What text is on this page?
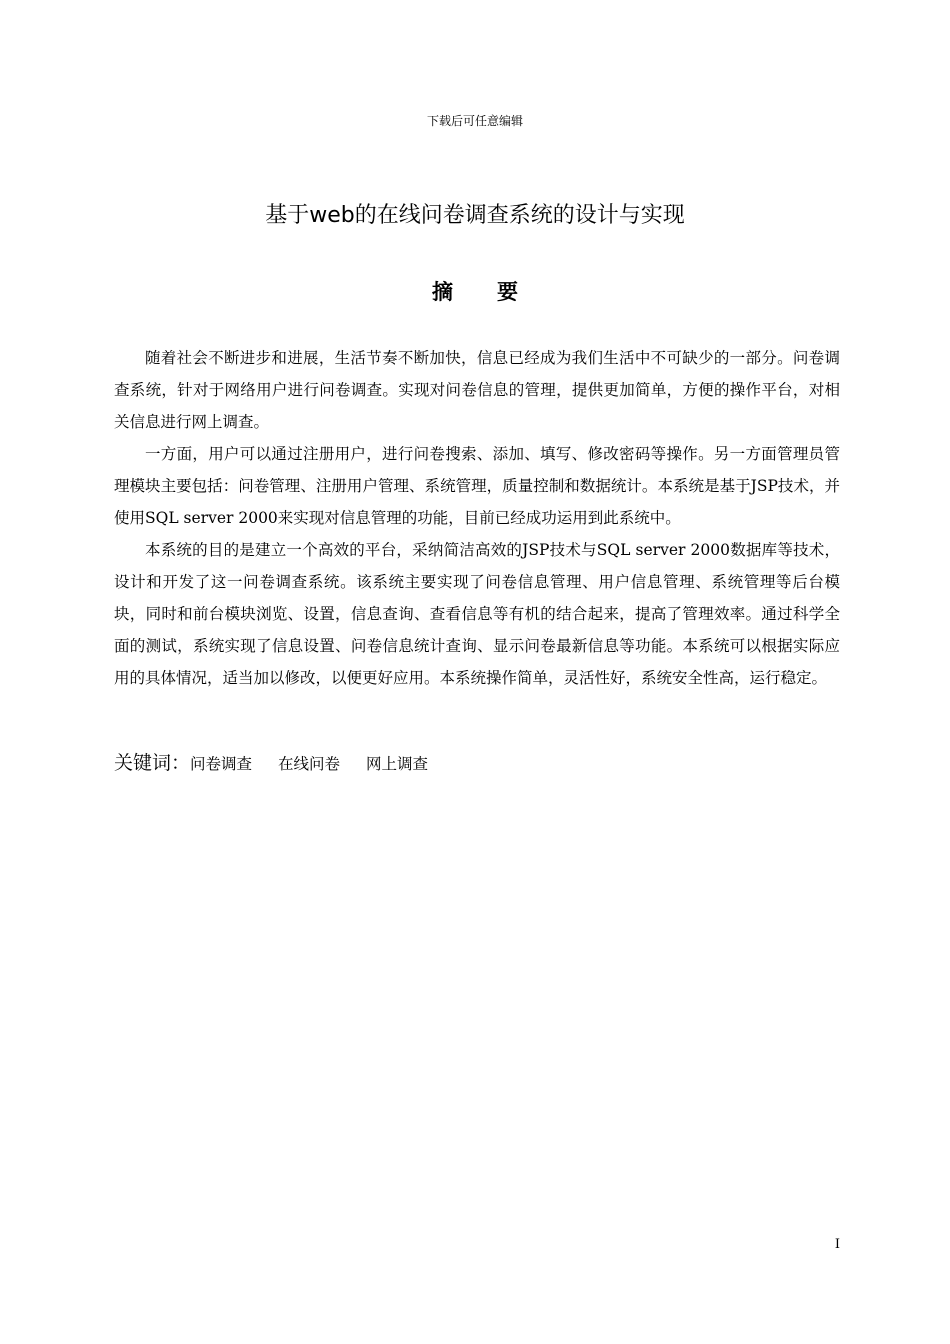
下载后可任意编辑
基于web的在线问卷调查系统的设计与实现
摘要

随着社会不断进步和进展，生活节奏不断加快，信息已经成为我们生活中不可缺少的一部分。问卷调查系统，针对于网络用户进行问卷调查。实现对问卷信息的管理，提供更加简单，方便的操作平台，对相关信息进行网上调查。

一方面，用户可以通过注册用户，进行问卷搜索、添加、填写、修改密码等操作。另一方面管理员管理模块主要包括：问卷管理、注册用户管理、系统管理，质量控制和数据统计。本系统是基于JSP技术，并使用SQL server 2000来实现对信息管理的功能，目前已经成功运用到此系统中。

本系统的目的是建立一个高效的平台，采纳简洁高效的JSP技术与SQL server 2000数据库等技术，设计和开发了这一问卷调查系统。该系统主要实现了问卷信息管理、用户信息管理、系统管理等后台模块，同时和前台模块浏览、设置，信息查询、查看信息等有机的结合起来，提高了管理效率。通过科学全面的测试，系统实现了信息设置、问卷信息统计查询、显示问卷最新信息等功能。本系统可以根据实际应用的具体情况，适当加以修改，以便更好应用。本系统操作简单，灵活性好，系统安全性高，运行稳定。

关键词：问卷调查 在线问卷 网上调查
I
